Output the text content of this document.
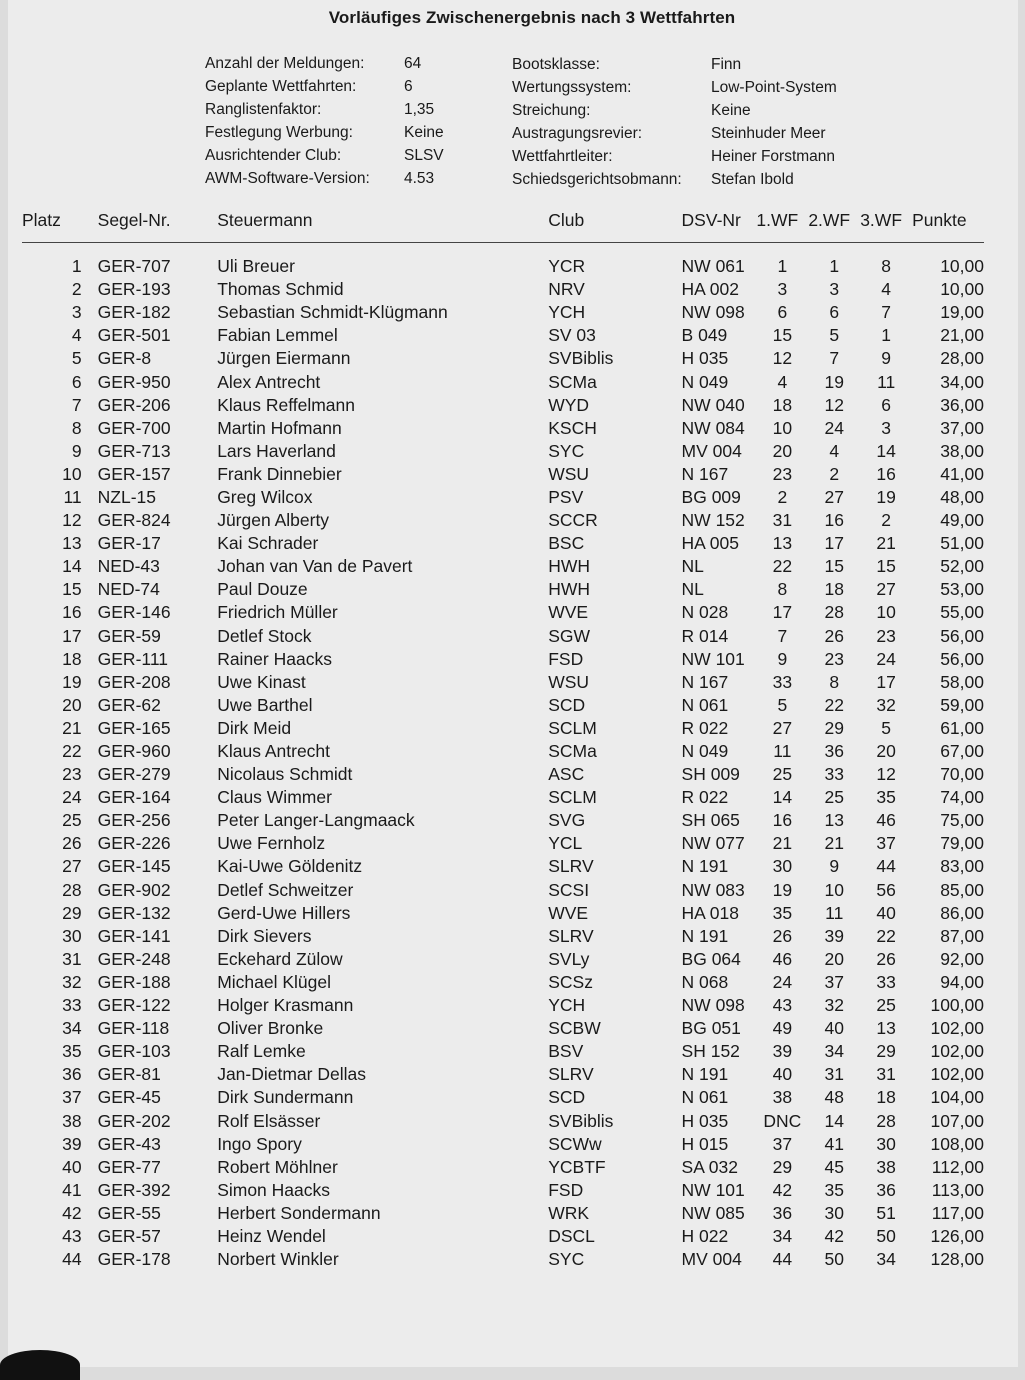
Vorläufiges Zwischenergebnis nach 3 Wettfahrten
Anzahl der Meldungen:	64
Geplante Wettfahrten:	6
Ranglistenfaktor:	1,35
Festlegung Werbung:	Keine
Ausrichtender Club:	SLSV
AWM-Software-Version:	4.53
Bootsklasse:	Finn
Wertungssystem:	Low-Point-System
Streichung:	Keine
Austragungsrevier:	Steinhuder Meer
Wettfahrtleiter:	Heiner Forstmann
Schiedsgerichtsobmann:	Stefan Ibold
Platz	Segel-Nr.	Steuermann	Club	DSV-Nr	1.WF	2.WF	3.WF	Punkte

1	GER-707	Uli Breuer	YCR	NW 061	1	1	8	10,00
2	GER-193	Thomas Schmid	NRV	HA 002	3	3	4	10,00
3	GER-182	Sebastian Schmidt-Klügmann	YCH	NW 098	6	6	7	19,00
4	GER-501	Fabian Lemmel	SV 03	B 049	15	5	1	21,00
5	GER-8	Jürgen Eiermann	SVBiblis	H 035	12	7	9	28,00
6	GER-950	Alex Antrecht	SCMa	N 049	4	19	11	34,00
7	GER-206	Klaus Reffelmann	WYD	NW 040	18	12	6	36,00
8	GER-700	Martin Hofmann	KSCH	NW 084	10	24	3	37,00
9	GER-713	Lars Haverland	SYC	MV 004	20	4	14	38,00
10	GER-157	Frank Dinnebier	WSU	N 167	23	2	16	41,00
11	NZL-15	Greg Wilcox	PSV	BG 009	2	27	19	48,00
12	GER-824	Jürgen Alberty	SCCR	NW 152	31	16	2	49,00
13	GER-17	Kai Schrader	BSC	HA 005	13	17	21	51,00
14	NED-43	Johan van Van de Pavert	HWH	NL	22	15	15	52,00
15	NED-74	Paul Douze	HWH	NL	8	18	27	53,00
16	GER-146	Friedrich Müller	WVE	N 028	17	28	10	55,00
17	GER-59	Detlef Stock	SGW	R 014	7	26	23	56,00
18	GER-111	Rainer Haacks	FSD	NW 101	9	23	24	56,00
19	GER-208	Uwe Kinast	WSU	N 167	33	8	17	58,00
20	GER-62	Uwe Barthel	SCD	N 061	5	22	32	59,00
21	GER-165	Dirk Meid	SCLM	R 022	27	29	5	61,00
22	GER-960	Klaus Antrecht	SCMa	N 049	11	36	20	67,00
23	GER-279	Nicolaus Schmidt	ASC	SH 009	25	33	12	70,00
24	GER-164	Claus Wimmer	SCLM	R 022	14	25	35	74,00
25	GER-256	Peter Langer-Langmaack	SVG	SH 065	16	13	46	75,00
26	GER-226	Uwe Fernholz	YCL	NW 077	21	21	37	79,00
27	GER-145	Kai-Uwe Göldenitz	SLRV	N 191	30	9	44	83,00
28	GER-902	Detlef Schweitzer	SCSI	NW 083	19	10	56	85,00
29	GER-132	Gerd-Uwe Hillers	WVE	HA 018	35	11	40	86,00
30	GER-141	Dirk Sievers	SLRV	N 191	26	39	22	87,00
31	GER-248	Eckehard Zülow	SVLy	BG 064	46	20	26	92,00
32	GER-188	Michael Klügel	SCSz	N 068	24	37	33	94,00
33	GER-122	Holger Krasmann	YCH	NW 098	43	32	25	100,00
34	GER-118	Oliver Bronke	SCBW	BG 051	49	40	13	102,00
35	GER-103	Ralf Lemke	BSV	SH 152	39	34	29	102,00
36	GER-81	Jan-Dietmar Dellas	SLRV	N 191	40	31	31	102,00
37	GER-45	Dirk Sundermann	SCD	N 061	38	48	18	104,00
38	GER-202	Rolf Elsässer	SVBiblis	H 035	DNC	14	28	107,00
39	GER-43	Ingo Spory	SCWw	H 015	37	41	30	108,00
40	GER-77	Robert Möhlner	YCBTF	SA 032	29	45	38	112,00
41	GER-392	Simon Haacks	FSD	NW 101	42	35	36	113,00
42	GER-55	Herbert Sondermann	WRK	NW 085	36	30	51	117,00
43	GER-57	Heinz Wendel	DSCL	H 022	34	42	50	126,00
44	GER-178	Norbert Winkler	SYC	MV 004	44	50	34	128,00
